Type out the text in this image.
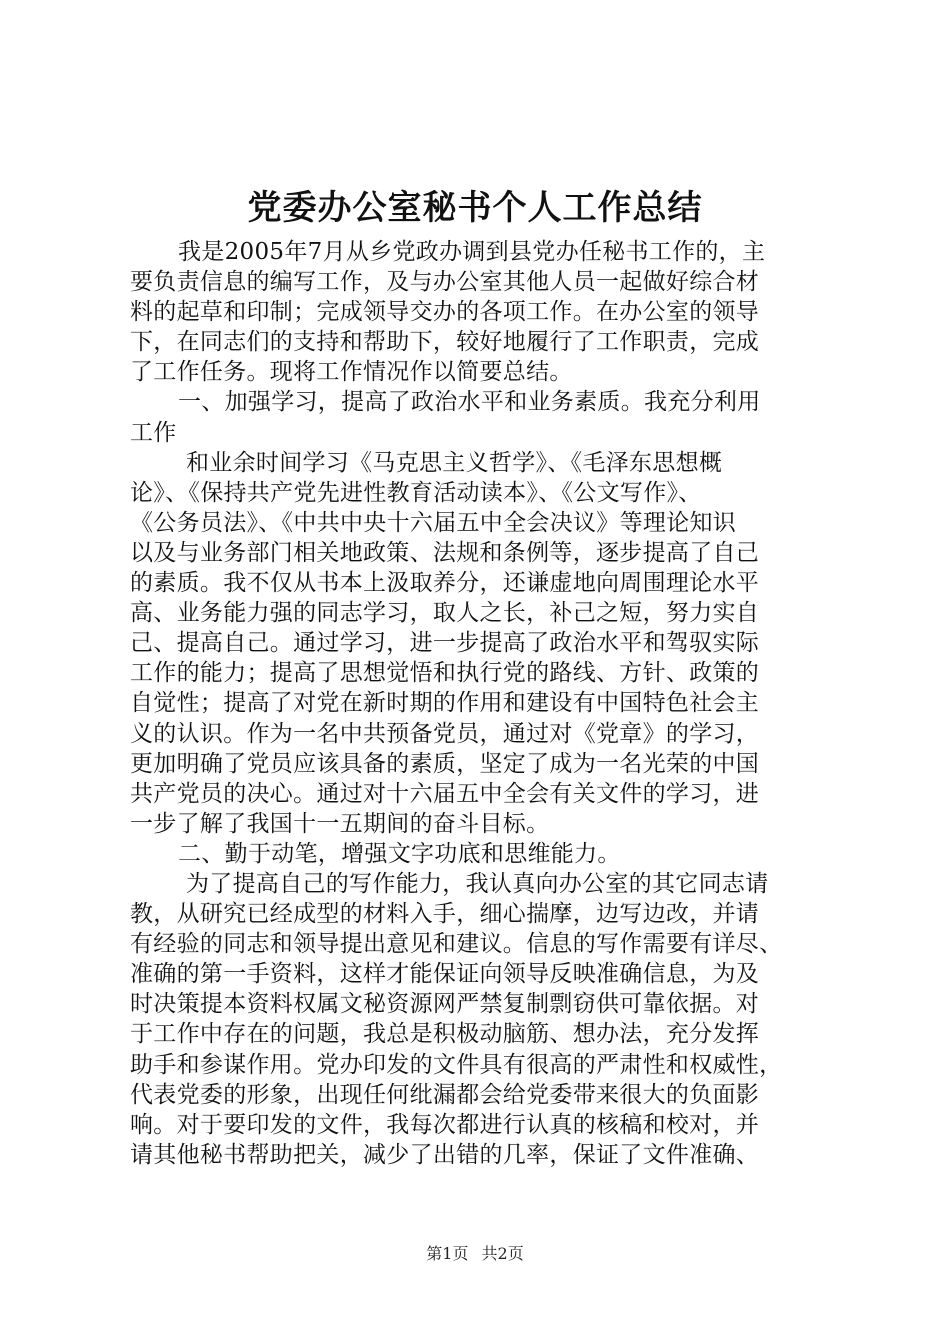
党委办公室秘书个人工作总结
我是2005年7月从乡党政办调到县党办任秘书工作的，主
要负责信息的编写工作，及与办公室其他人员一起做好综合材
料的起草和印制；完成领导交办的各项工作。在办公室的领导
下，在同志们的支持和帮助下，较好地履行了工作职责，完成
了工作任务。现将工作情况作以简要总结。
一、加强学习，提高了政治水平和业务素质。我充分利用
工作
和业余时间学习《马克思主义哲学》、《毛泽东思想概
论》、《保持共产党先进性教育活动读本》、《公文写作》、
《公务员法》、《中共中央十六届五中全会决议》等理论知识
以及与业务部门相关地政策、法规和条例等，逐步提高了自己
的素质。我不仅从书本上汲取养分，还谦虚地向周围理论水平
高、业务能力强的同志学习，取人之长，补己之短，努力实自
己、提高自己。通过学习，进一步提高了政治水平和驾驭实际
工作的能力；提高了思想觉悟和执行党的路线、方针、政策的
自觉性；提高了对党在新时期的作用和建设有中国特色社会主
义的认识。作为一名中共预备党员，通过对《党章》的学习，
更加明确了党员应该具备的素质，坚定了成为一名光荣的中国
共产党员的决心。通过对十六届五中全会有关文件的学习，进
一步了解了我国十一五期间的奋斗目标。
二、勤于动笔，增强文字功底和思维能力。
为了提高自己的写作能力，我认真向办公室的其它同志请
教，从研究已经成型的材料入手，细心揣摩，边写边改，并请
有经验的同志和领导提出意见和建议。信息的写作需要有详尽、
准确的第一手资料，这样才能保证向领导反映准确信息，为及
时决策提本资料权属文秘资源网严禁复制剽窃供可靠依据。对
于工作中存在的问题，我总是积极动脑筋、想办法，充分发挥
助手和参谋作用。党办印发的文件具有很高的严肃性和权威性，
代表党委的形象，出现任何纰漏都会给党委带来很大的负面影
响。对于要印发的文件，我每次都进行认真的核稿和校对，并
请其他秘书帮助把关，减少了出错的几率，保证了文件准确、
第1页 共2页
